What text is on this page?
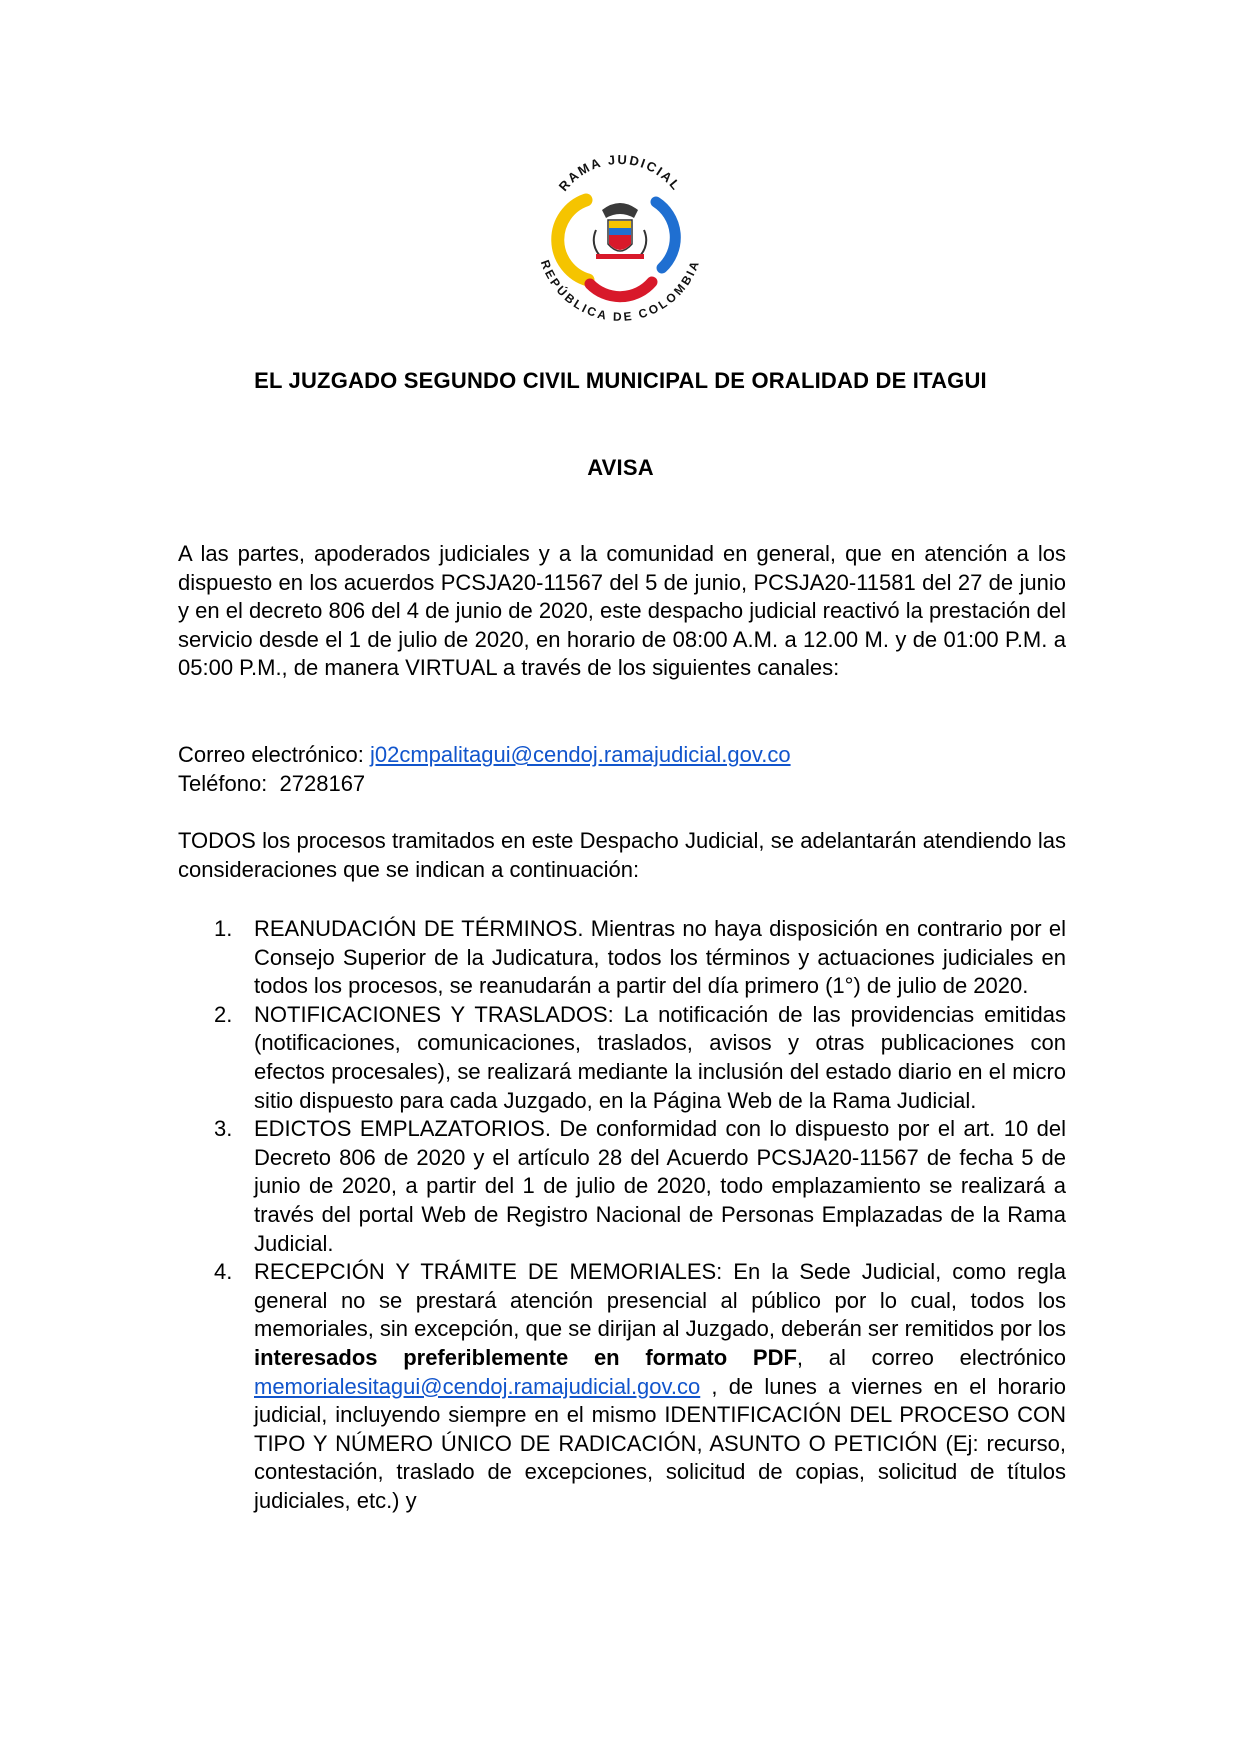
RAMA JUDICIAL
REPÚBLICA DE COLOMBIA
EL JUZGADO SEGUNDO CIVIL MUNICIPAL DE ORALIDAD DE ITAGUI
AVISA
A las partes, apoderados judiciales y a la comunidad en general, que en atención a los dispuesto en los acuerdos PCSJA20-11567 del 5 de junio, PCSJA20-11581 del 27 de junio y en el decreto 806 del 4 de junio de 2020, este despacho judicial reactivó la prestación del servicio desde el 1 de julio de 2020, en horario de 08:00 A.M. a 12.00 M. y de 01:00 P.M. a 05:00 P.M., de manera VIRTUAL a través de los siguientes canales:
Correo electrónico: j02cmpalitagui@cendoj.ramajudicial.gov.co
Teléfono:  2728167
TODOS los procesos tramitados en este Despacho Judicial, se adelantarán atendiendo las consideraciones que se indican a continuación:
1. REANUDACIÓN DE TÉRMINOS. Mientras no haya disposición en contrario por el Consejo Superior de la Judicatura, todos los términos y actuaciones judiciales en todos los procesos, se reanudarán a partir del día primero (1°) de julio de 2020.
2. NOTIFICACIONES Y TRASLADOS: La notificación de las providencias emitidas (notificaciones, comunicaciones, traslados, avisos y otras publicaciones con efectos procesales), se realizará mediante la inclusión del estado diario en el micro sitio dispuesto para cada Juzgado, en la Página Web de la Rama Judicial.
3. EDICTOS EMPLAZATORIOS. De conformidad con lo dispuesto por el art. 10 del Decreto 806 de 2020 y el artículo 28 del Acuerdo PCSJA20-11567 de fecha 5 de junio de 2020, a partir del 1 de julio de 2020, todo emplazamiento se realizará a través del portal Web de Registro Nacional de Personas Emplazadas de la Rama Judicial.
4. RECEPCIÓN Y TRÁMITE DE MEMORIALES: En la Sede Judicial, como regla general no se prestará atención presencial al público por lo cual, todos los memoriales, sin excepción, que se dirijan al Juzgado, deberán ser remitidos por los interesados preferiblemente en formato PDF, al correo electrónico memorialesitagui@cendoj.ramajudicial.gov.co , de lunes a viernes en el horario judicial, incluyendo siempre en el mismo IDENTIFICACIÓN DEL PROCESO CON TIPO Y NÚMERO ÚNICO DE RADICACIÓN, ASUNTO O PETICIÓN (Ej: recurso, contestación, traslado de excepciones, solicitud de copias, solicitud de títulos judiciales, etc.) y
